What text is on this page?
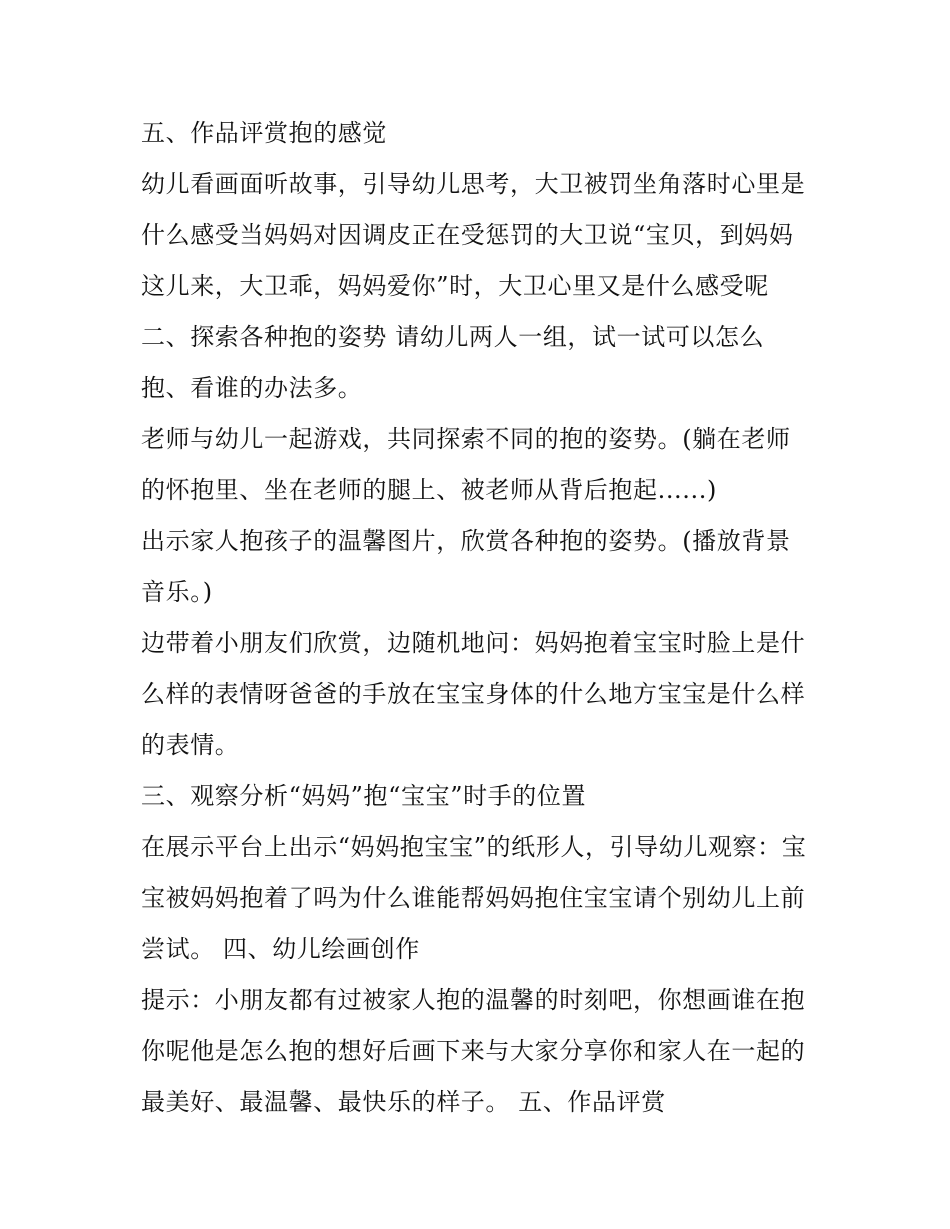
五、作品评赏抱的感觉
幼儿看画面听故事，引导幼儿思考，大卫被罚坐角落时心里是
什么感受当妈妈对因调皮正在受惩罚的大卫说“宝贝，到妈妈
这儿来，大卫乖，妈妈爱你”时，大卫心里又是什么感受呢
二、探索各种抱的姿势 请幼儿两人一组，试一试可以怎么
抱、看谁的办法多。
老师与幼儿一起游戏，共同探索不同的抱的姿势。(躺在老师
的怀抱里、坐在老师的腿上、被老师从背后抱起......)
出示家人抱孩子的温馨图片，欣赏各种抱的姿势。(播放背景
音乐。)
边带着小朋友们欣赏，边随机地问：妈妈抱着宝宝时脸上是什
么样的表情呀爸爸的手放在宝宝身体的什么地方宝宝是什么样
的表情。
三、观察分析“妈妈”抱“宝宝”时手的位置
在展示平台上出示“妈妈抱宝宝”的纸形人，引导幼儿观察：宝
宝被妈妈抱着了吗为什么谁能帮妈妈抱住宝宝请个别幼儿上前
尝试。 四、幼儿绘画创作
提示：小朋友都有过被家人抱的温馨的时刻吧，你想画谁在抱
你呢他是怎么抱的想好后画下来与大家分享你和家人在一起的
最美好、最温馨、最快乐的样子。 五、作品评赏
